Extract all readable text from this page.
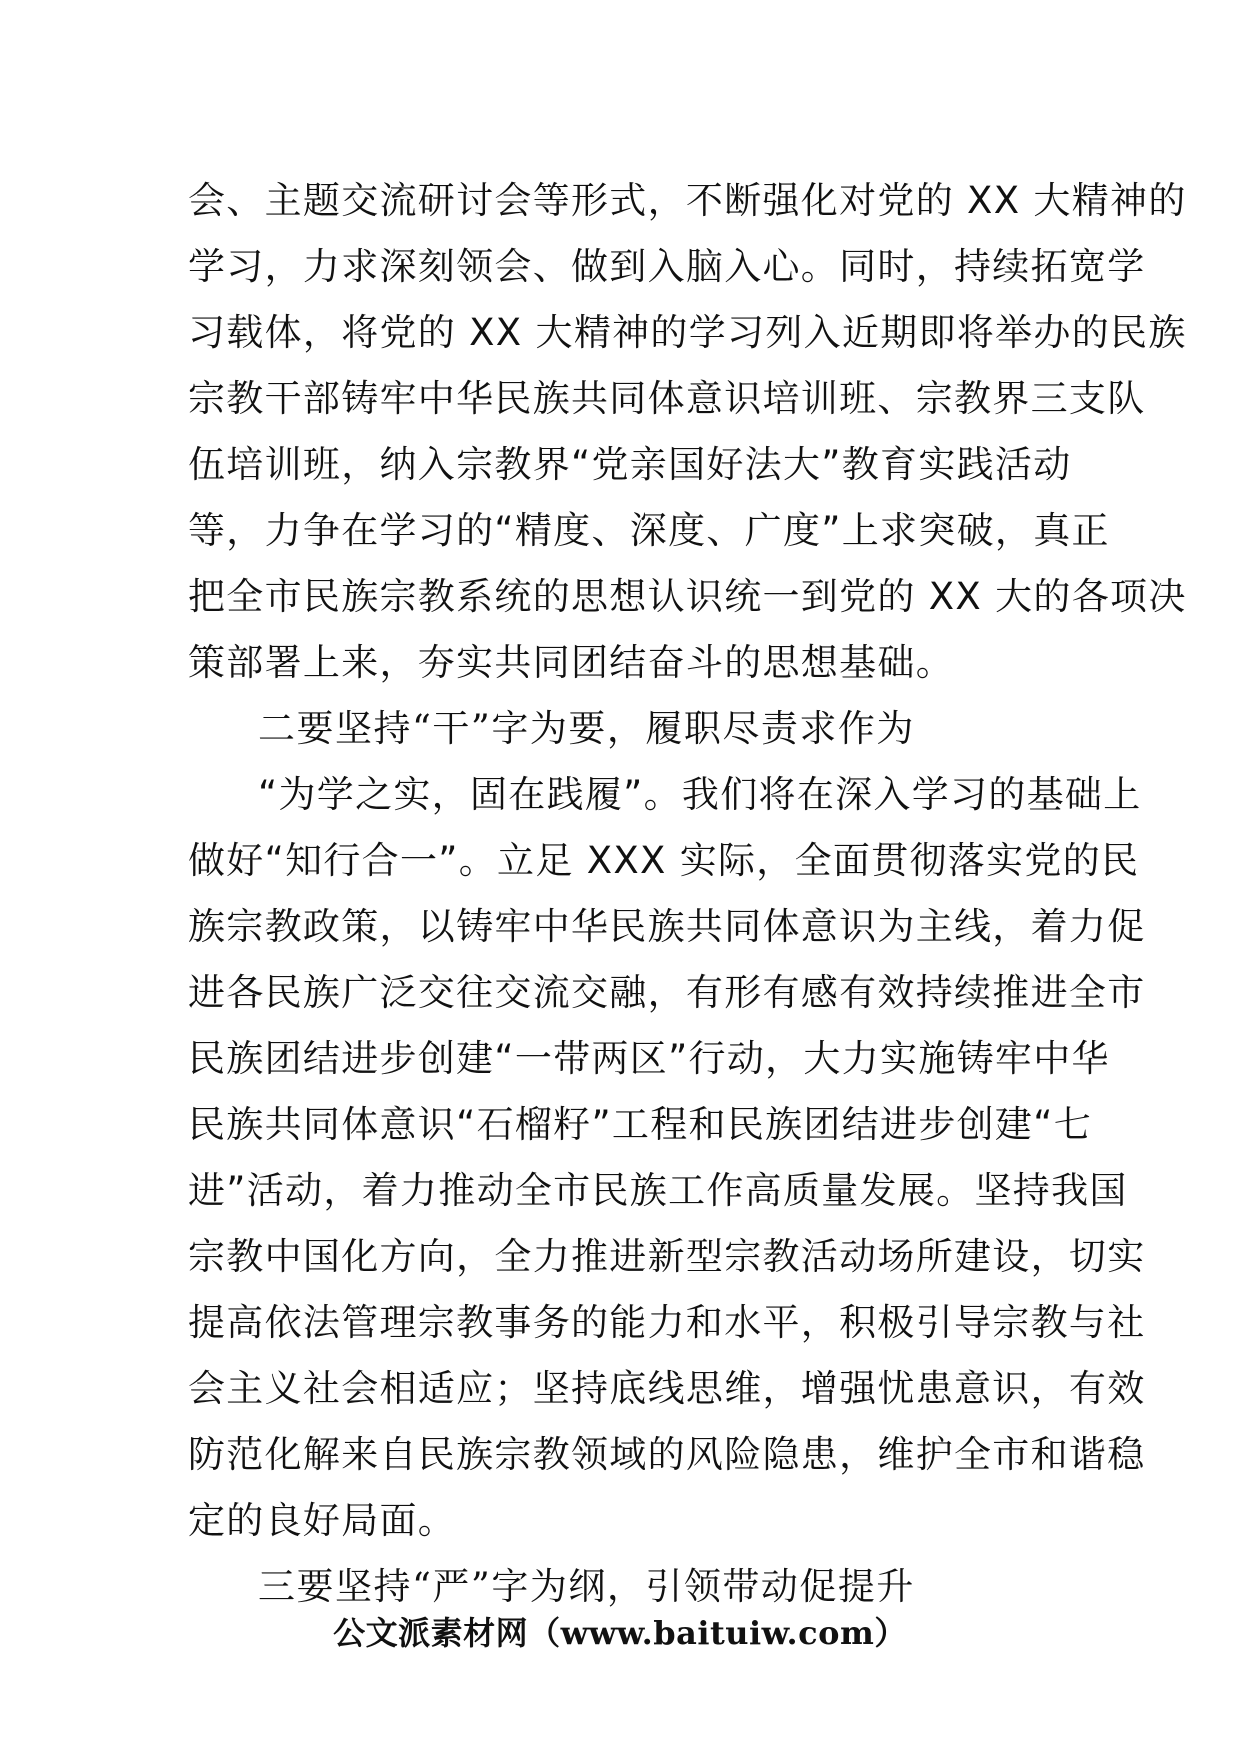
会、主题交流研讨会等形式，不断强化对党的 XX 大精神的
学习，力求深刻领会、做到入脑入心。同时，持续拓宽学
习载体，将党的 XX 大精神的学习列入近期即将举办的民族
宗教干部铸牢中华民族共同体意识培训班、宗教界三支队
伍培训班，纳入宗教界“党亲国好法大”教育实践活动
等，力争在学习的“精度、深度、广度”上求突破，真正
把全市民族宗教系统的思想认识统一到党的 XX 大的各项决
策部署上来，夯实共同团结奋斗的思想基础。
二要坚持“干”字为要，履职尽责求作为
“为学之实，固在践履”。我们将在深入学习的基础上
做好“知行合一”。立足 XXX 实际，全面贯彻落实党的民
族宗教政策，以铸牢中华民族共同体意识为主线，着力促
进各民族广泛交往交流交融，有形有感有效持续推进全市
民族团结进步创建“一带两区”行动，大力实施铸牢中华
民族共同体意识“石榴籽”工程和民族团结进步创建“七
进”活动，着力推动全市民族工作高质量发展。坚持我国
宗教中国化方向，全力推进新型宗教活动场所建设，切实
提高依法管理宗教事务的能力和水平，积极引导宗教与社
会主义社会相适应；坚持底线思维，增强忧患意识，有效
防范化解来自民族宗教领域的风险隐患，维护全市和谐稳
定的良好局面。
三要坚持“严”字为纲，引领带动促提升
公文派素材网（www.baituiw.com）
